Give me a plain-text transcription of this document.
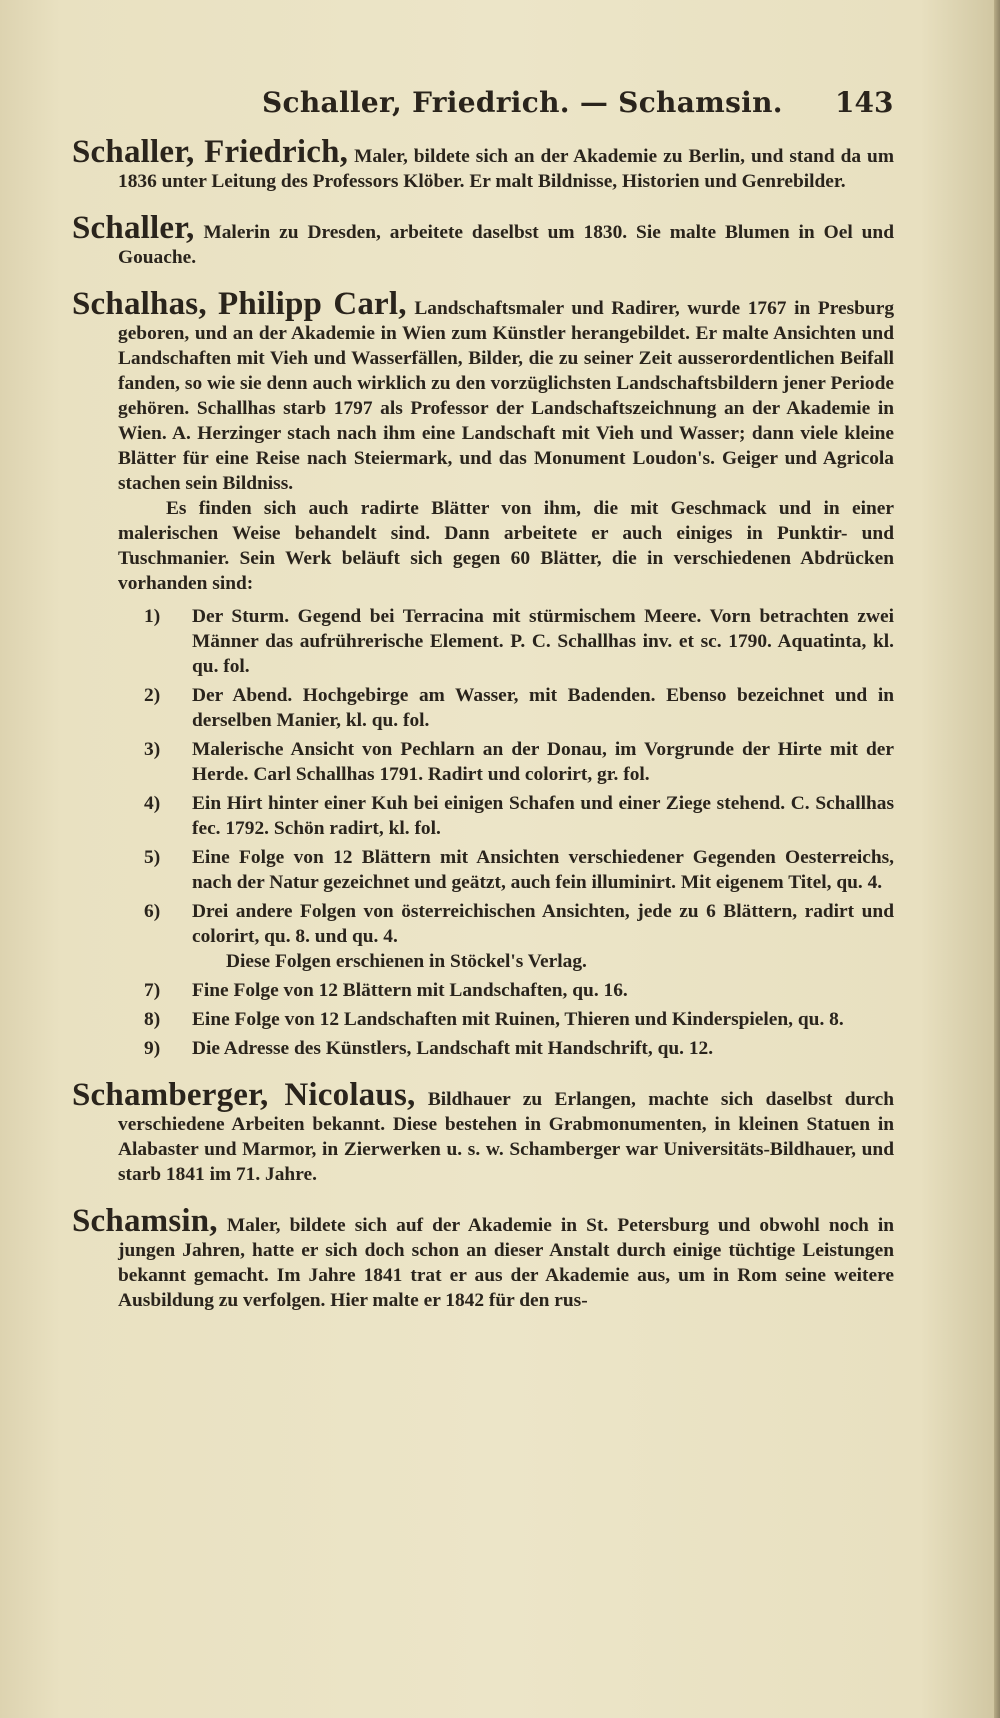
Schaller, Friedrich. — Schamsin. 143

Schaller, Friedrich, Maler, bildete sich an der Akademie zu Berlin, und stand da um 1836 unter Leitung des Professors Klöber. Er malt Bildnisse, Historien und Genrebilder.

Schaller, Malerin zu Dresden, arbeitete daselbst um 1830. Sie malte Blumen in Oel und Gouache.

Schalhas, Philipp Carl, Landschaftsmaler und Radirer, wurde 1767 in Presburg geboren, und an der Akademie in Wien zum Künstler herangebildet. Er malte Ansichten und Landschaften mit Vieh und Wasserfällen, Bilder, die zu seiner Zeit ausserordentlichen Beifall fanden, so wie sie denn auch wirklich zu den vorzüglichsten Landschaftsbildern jener Periode gehören. Schallhas starb 1797 als Professor der Landschaftszeichnung an der Akademie in Wien. A. Herzinger stach nach ihm eine Landschaft mit Vieh und Wasser; dann viele kleine Blätter für eine Reise nach Steiermark, und das Monument Loudon's. Geiger und Agricola stachen sein Bildniss.

Es finden sich auch radirte Blätter von ihm, die mit Geschmack und in einer malerischen Weise behandelt sind. Dann arbeitete er auch einiges in Punktir- und Tuschmanier. Sein Werk beläuft sich gegen 60 Blätter, die in verschiedenen Abdrücken vorhanden sind:

1)	Der Sturm. Gegend bei Terracina mit stürmischem Meere. Vorn betrachten zwei Männer das aufrührerische Element. P. C. Schallhas inv. et sc. 1790. Aquatinta, kl. qu. fol.
2)	Der Abend. Hochgebirge am Wasser, mit Badenden. Ebenso bezeichnet und in derselben Manier, kl. qu. fol.
3)	Malerische Ansicht von Pechlarn an der Donau, im Vorgrunde der Hirte mit der Herde. Carl Schallhas 1791. Radirt und colorirt, gr. fol.
4)	Ein Hirt hinter einer Kuh bei einigen Schafen und einer Ziege stehend. C. Schallhas fec. 1792. Schön radirt, kl. fol.
5)	Eine Folge von 12 Blättern mit Ansichten verschiedener Gegenden Oesterreichs, nach der Natur gezeichnet und geätzt, auch fein illuminirt. Mit eigenem Titel, qu. 4.
6)	Drei andere Folgen von österreichischen Ansichten, jede zu 6 Blättern, radirt und colorirt, qu. 8. und qu. 4.
Diese Folgen erschienen in Stöckel's Verlag.
7)	Fine Folge von 12 Blättern mit Landschaften, qu. 16.
8)	Eine Folge von 12 Landschaften mit Ruinen, Thieren und Kinderspielen, qu. 8.
9)	Die Adresse des Künstlers, Landschaft mit Handschrift, qu. 12.

Schamberger, Nicolaus, Bildhauer zu Erlangen, machte sich daselbst durch verschiedene Arbeiten bekannt. Diese bestehen in Grabmonumenten, in kleinen Statuen in Alabaster und Marmor, in Zierwerken u. s. w. Schamberger war Universitäts-Bildhauer, und starb 1841 im 71. Jahre.

Schamsin, Maler, bildete sich auf der Akademie in St. Petersburg und obwohl noch in jungen Jahren, hatte er sich doch schon an dieser Anstalt durch einige tüchtige Leistungen bekannt gemacht. Im Jahre 1841 trat er aus der Akademie aus, um in Rom seine weitere Ausbildung zu verfolgen. Hier malte er 1842 für den rus-
